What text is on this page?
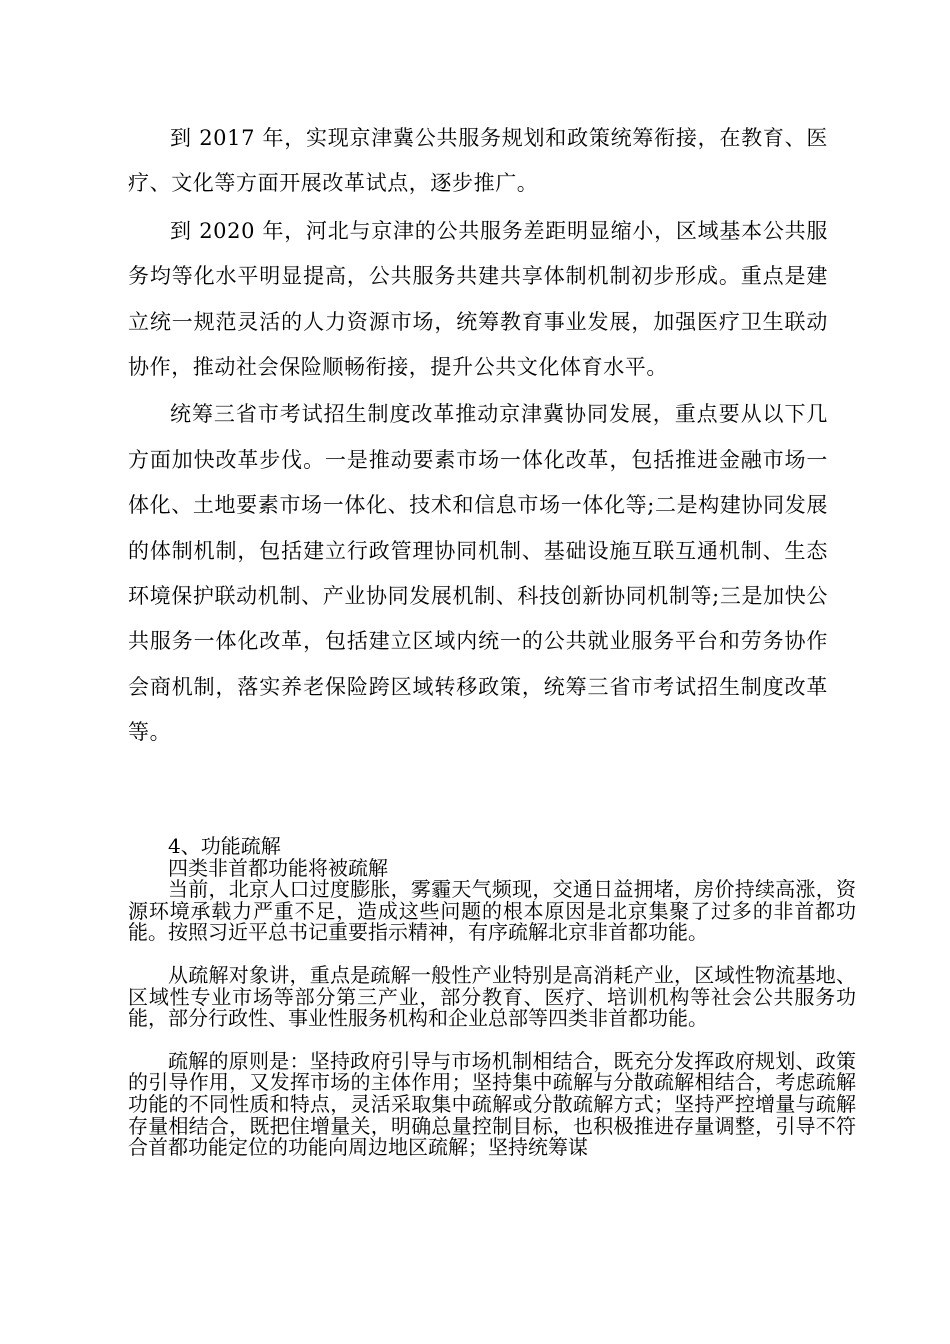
到 2017 年，实现京津冀公共服务规划和政策统筹衔接，在教育、医疗、文化等方面开展改革试点，逐步推广。

到 2020 年，河北与京津的公共服务差距明显缩小，区域基本公共服务均等化水平明显提高，公共服务共建共享体制机制初步形成。重点是建立统一规范灵活的人力资源市场，统筹教育事业发展，加强医疗卫生联动协作，推动社会保险顺畅衔接，提升公共文化体育水平。

统筹三省市考试招生制度改革推动京津冀协同发展，重点要从以下几方面加快改革步伐。一是推动要素市场一体化改革，包括推进金融市场一体化、土地要素市场一体化、技术和信息市场一体化等;二是构建协同发展的体制机制，包括建立行政管理协同机制、基础设施互联互通机制、生态环境保护联动机制、产业协同发展机制、科技创新协同机制等;三是加快公共服务一体化改革，包括建立区域内统一的公共就业服务平台和劳务协作会商机制，落实养老保险跨区域转移政策，统筹三省市考试招生制度改革等。

4、功能疏解

四类非首都功能将被疏解

当前，北京人口过度膨胀，雾霾天气频现，交通日益拥堵，房价持续高涨，资源环境承载力严重不足，造成这些问题的根本原因是北京集聚了过多的非首都功能。按照习近平总书记重要指示精神，有序疏解北京非首都功能。

从疏解对象讲，重点是疏解一般性产业特别是高消耗产业，区域性物流基地、区域性专业市场等部分第三产业，部分教育、医疗、培训机构等社会公共服务功能，部分行政性、事业性服务机构和企业总部等四类非首都功能。

疏解的原则是：坚持政府引导与市场机制相结合，既充分发挥政府规划、政策的引导作用，又发挥市场的主体作用；坚持集中疏解与分散疏解相结合，考虑疏解功能的不同性质和特点，灵活采取集中疏解或分散疏解方式；坚持严控增量与疏解存量相结合，既把住增量关，明确总量控制目标，也积极推进存量调整，引导不符合首都功能定位的功能向周边地区疏解；坚持统筹谋
